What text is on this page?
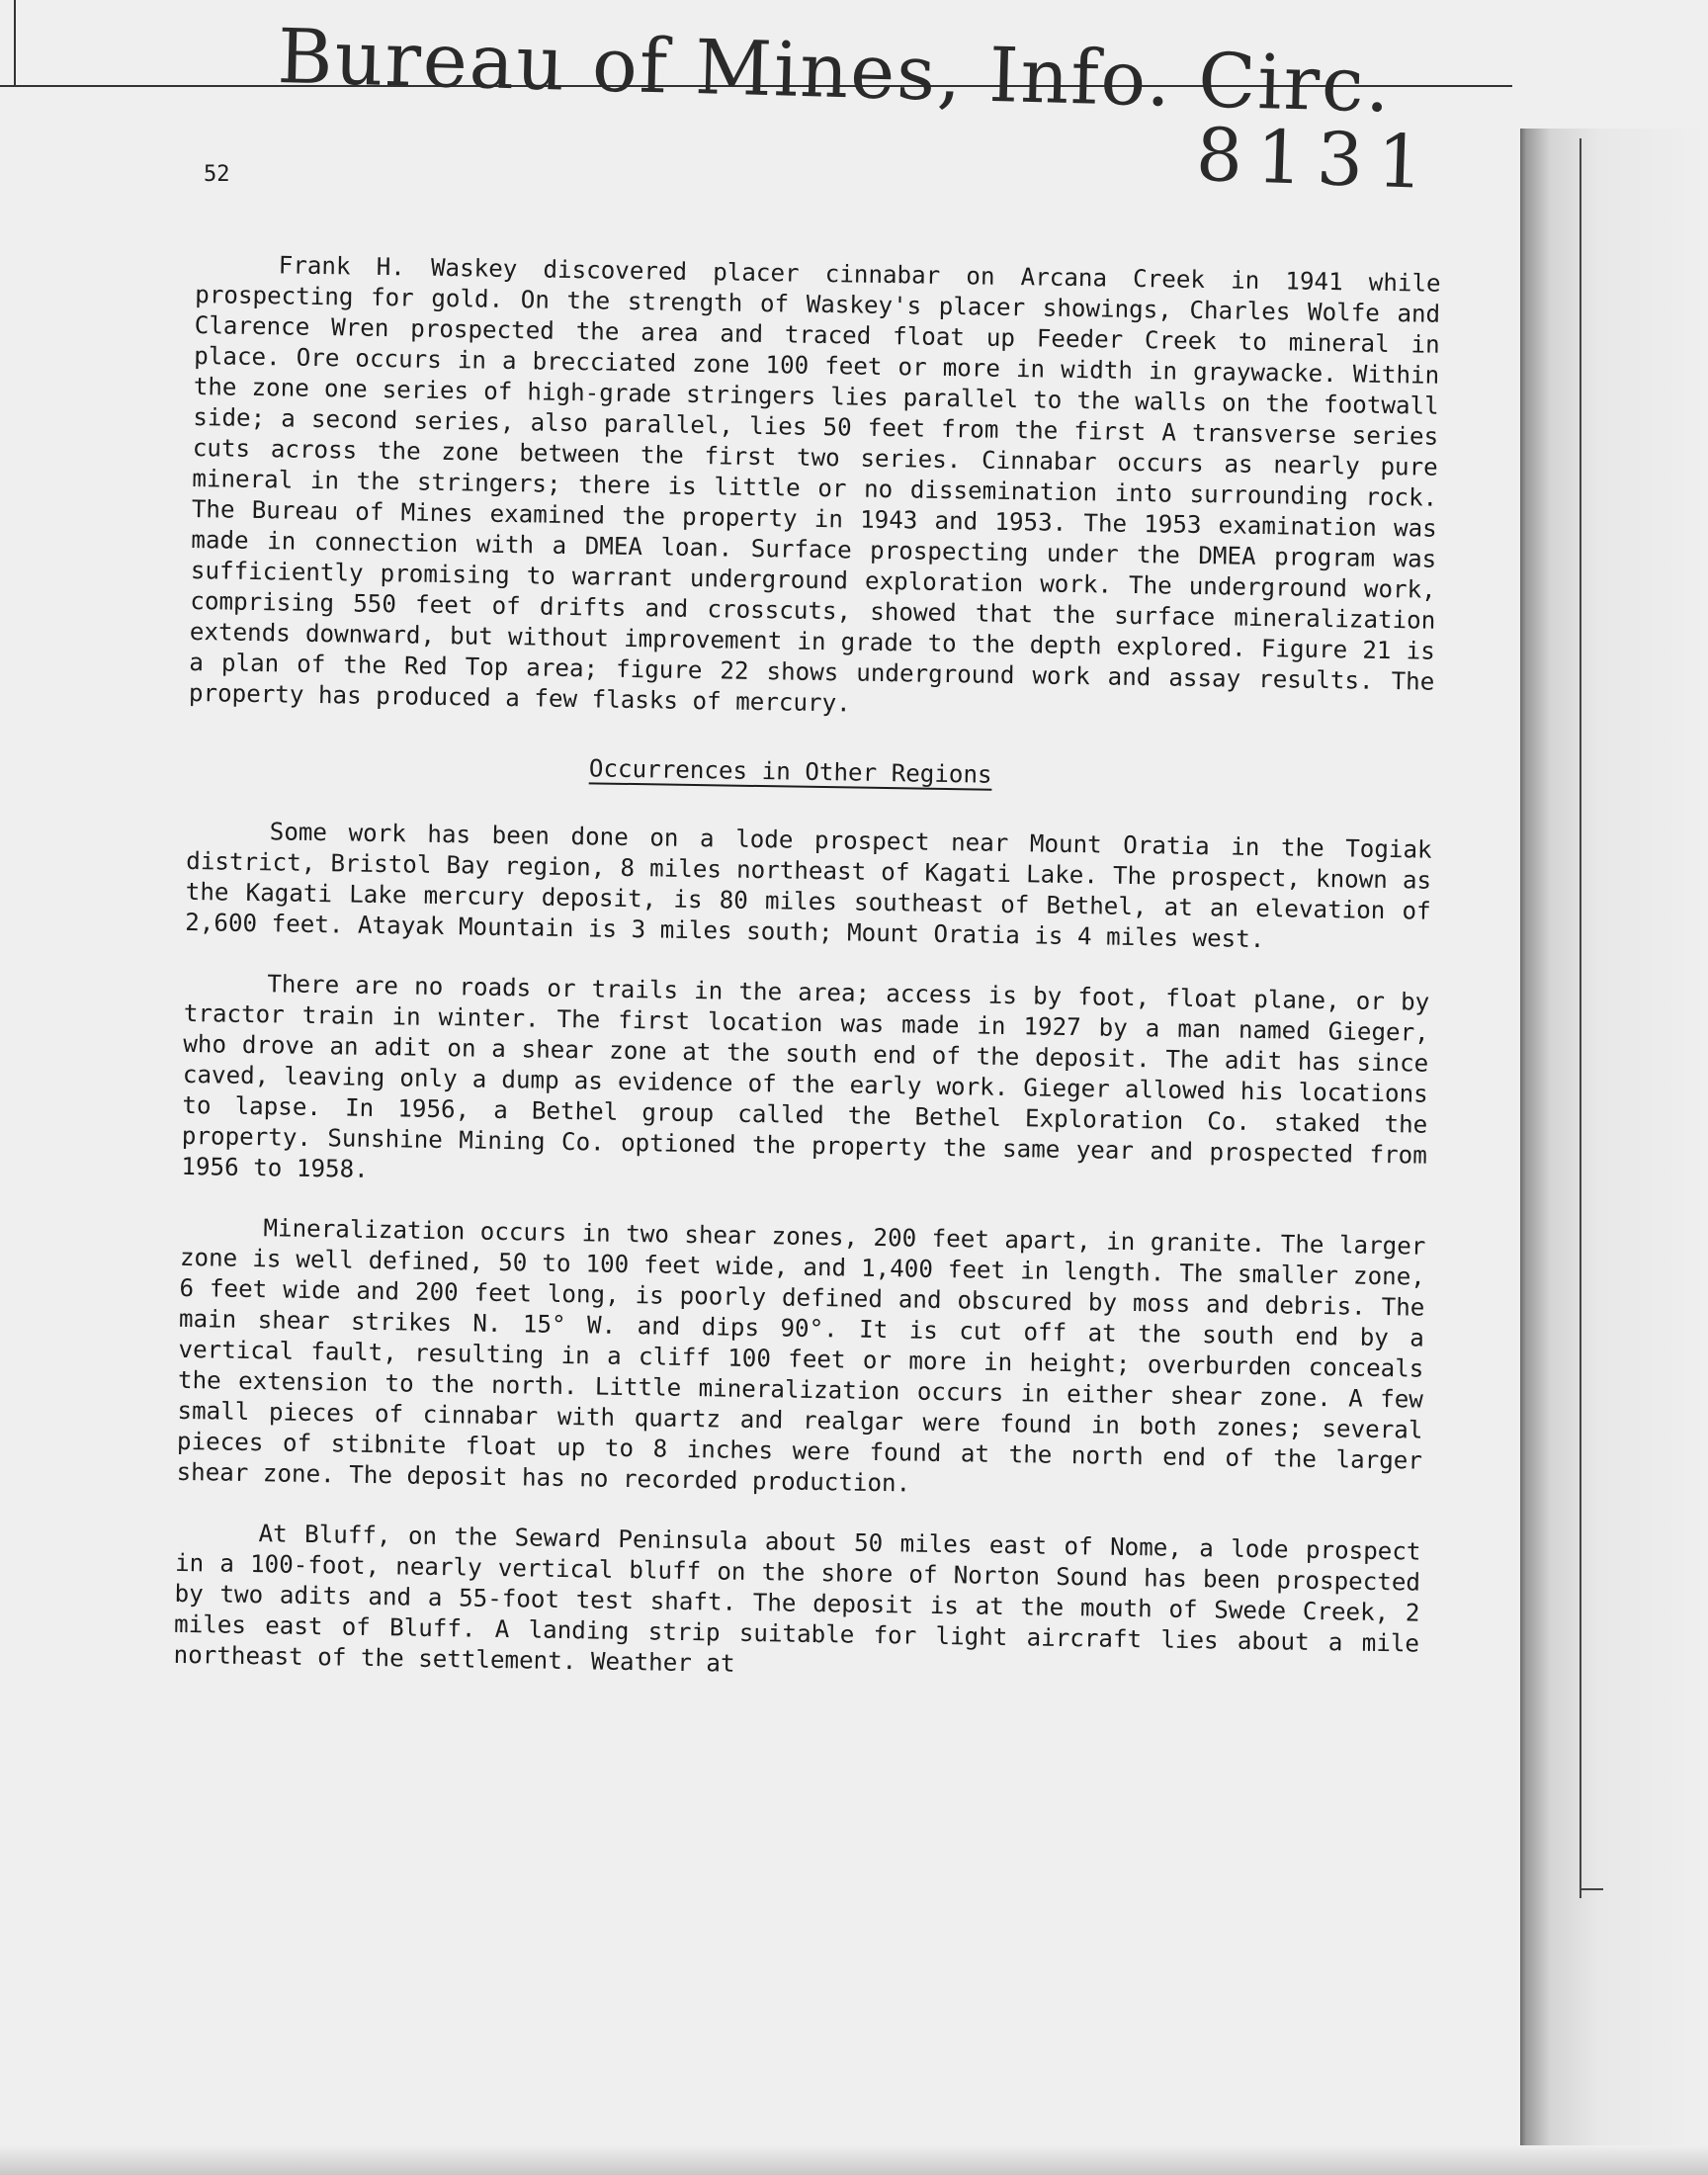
Bureau of Mines, Info. Circ.
8131
52

Frank H. Waskey discovered placer cinnabar on Arcana Creek in 1941 while prospecting for gold. On the strength of Waskey's placer showings, Charles Wolfe and Clarence Wren prospected the area and traced float up Feeder Creek to mineral in place. Ore occurs in a brecciated zone 100 feet or more in width in graywacke. Within the zone one series of high-grade stringers lies parallel to the walls on the footwall side; a second series, also parallel, lies 50 feet from the first A transverse series cuts across the zone between the first two series. Cinnabar occurs as nearly pure mineral in the stringers; there is little or no dissemination into surrounding rock. The Bureau of Mines examined the property in 1943 and 1953. The 1953 examination was made in connection with a DMEA loan. Surface prospecting under the DMEA program was sufficiently promising to warrant underground exploration work. The underground work, comprising 550 feet of drifts and crosscuts, showed that the surface mineralization extends downward, but without improvement in grade to the depth explored. Figure 21 is a plan of the Red Top area; figure 22 shows underground work and assay results. The property has produced a few flasks of mercury.

Occurrences in Other Regions

Some work has been done on a lode prospect near Mount Oratia in the Togiak district, Bristol Bay region, 8 miles northeast of Kagati Lake. The prospect, known as the Kagati Lake mercury deposit, is 80 miles southeast of Bethel, at an elevation of 2,600 feet. Atayak Mountain is 3 miles south; Mount Oratia is 4 miles west.

There are no roads or trails in the area; access is by foot, float plane, or by tractor train in winter. The first location was made in 1927 by a man named Gieger, who drove an adit on a shear zone at the south end of the deposit. The adit has since caved, leaving only a dump as evidence of the early work. Gieger allowed his locations to lapse. In 1956, a Bethel group called the Bethel Exploration Co. staked the property. Sunshine Mining Co. optioned the property the same year and prospected from 1956 to 1958.

Mineralization occurs in two shear zones, 200 feet apart, in granite. The larger zone is well defined, 50 to 100 feet wide, and 1,400 feet in length. The smaller zone, 6 feet wide and 200 feet long, is poorly defined and obscured by moss and debris. The main shear strikes N. 15° W. and dips 90°. It is cut off at the south end by a vertical fault, resulting in a cliff 100 feet or more in height; overburden conceals the extension to the north. Little mineralization occurs in either shear zone. A few small pieces of cinnabar with quartz and realgar were found in both zones; several pieces of stibnite float up to 8 inches were found at the north end of the larger shear zone. The deposit has no recorded production.

At Bluff, on the Seward Peninsula about 50 miles east of Nome, a lode prospect in a 100-foot, nearly vertical bluff on the shore of Norton Sound has been prospected by two adits and a 55-foot test shaft. The deposit is at the mouth of Swede Creek, 2 miles east of Bluff. A landing strip suitable for light aircraft lies about a mile northeast of the settlement. Weather at
